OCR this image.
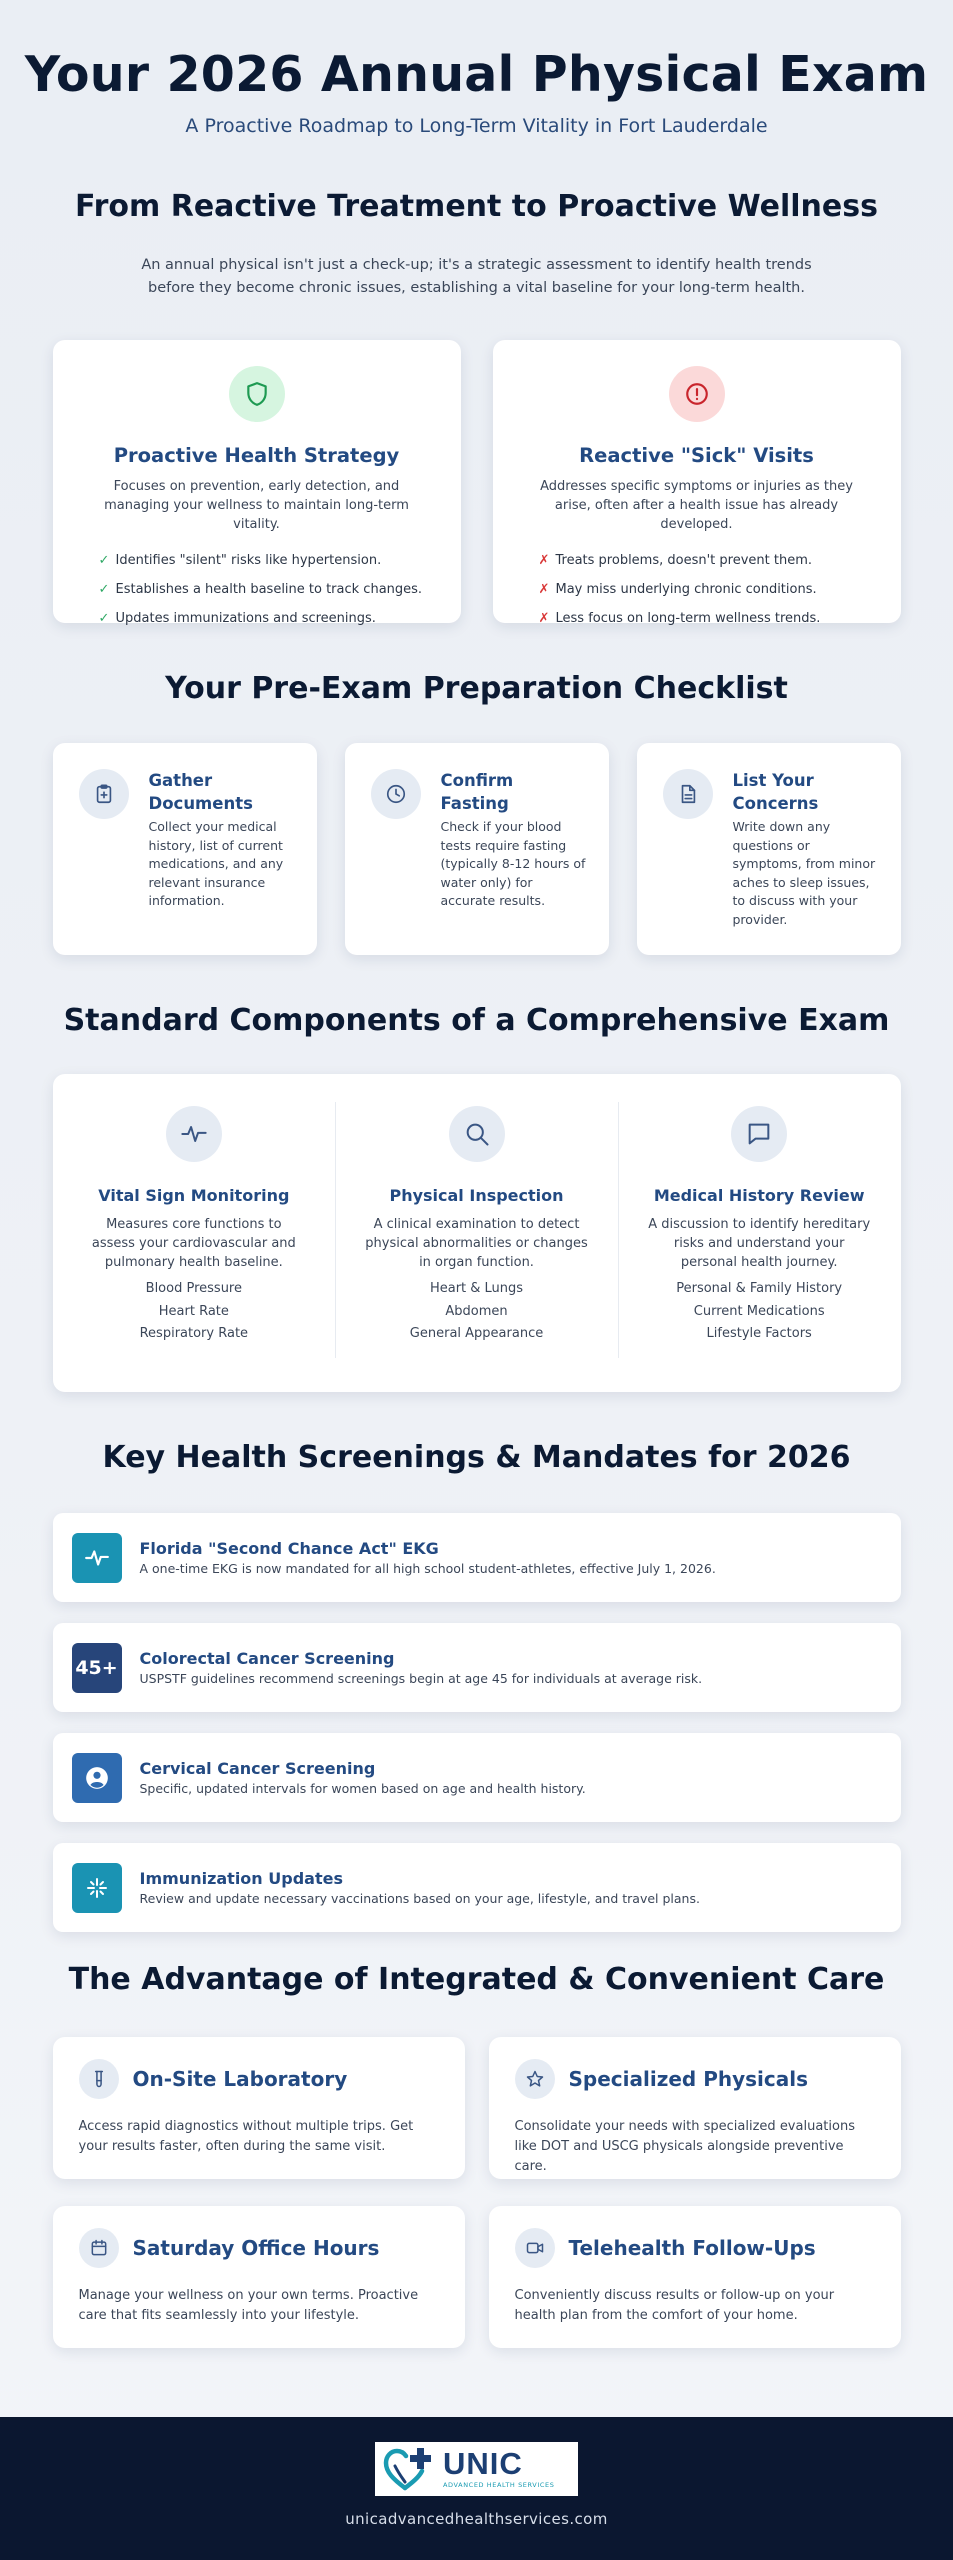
Your 2026 Annual Physical Exam
A Proactive Roadmap to Long-Term Vitality in Fort Lauderdale
From Reactive Treatment to Proactive Wellness

An annual physical isn't just a check-up; it's a strategic assessment to identify health trends before they become chronic issues, establishing a vital baseline for your long-term health.

Proactive Health Strategy

Focuses on prevention, early detection, and managing your wellness to maintain long-term vitality.

✓ Identifies "silent" risks like hypertension.
✓ Establishes a health baseline to track changes.
✓ Updates immunizations and screenings.
Reactive "Sick" Visits

Addresses specific symptoms or injuries as they arise, often after a health issue has already developed.

✗ Treats problems, doesn't prevent them.
✗ May miss underlying chronic conditions.
✗ Less focus on long-term wellness trends.
Your Pre-Exam Preparation Checklist
Gather Documents

Collect your medical history, list of current medications, and any relevant insurance information.

Confirm Fasting

Check if your blood tests require fasting (typically 8-12 hours of water only) for accurate results.

List Your Concerns

Write down any questions or symptoms, from minor aches to sleep issues, to discuss with your provider.

Standard Components of a Comprehensive Exam
Vital Sign Monitoring

Measures core functions to assess your cardiovascular and pulmonary health baseline.

Blood Pressure
Heart Rate
Respiratory Rate
Physical Inspection

A clinical examination to detect physical abnormalities or changes in organ function.

Heart & Lungs
Abdomen
General Appearance
Medical History Review

A discussion to identify hereditary risks and understand your personal health journey.

Personal & Family History
Current Medications
Lifestyle Factors
Key Health Screenings & Mandates for 2026
Florida "Second Chance Act" EKG

A one-time EKG is now mandated for all high school student-athletes, effective July 1, 2026.

45+ Colorectal Cancer Screening

USPSTF guidelines recommend screenings begin at age 45 for individuals at average risk.

Cervical Cancer Screening

Specific, updated intervals for women based on age and health history.

Immunization Updates

Review and update necessary vaccinations based on your age, lifestyle, and travel plans.

The Advantage of Integrated & Convenient Care
On-Site Laboratory

Access rapid diagnostics without multiple trips. Get your results faster, often during the same visit.

Specialized Physicals

Consolidate your needs with specialized evaluations like DOT and USCG physicals alongside preventive care.

Saturday Office Hours

Manage your wellness on your own terms. Proactive care that fits seamlessly into your lifestyle.

Telehealth Follow-Ups

Conveniently discuss results or follow-up on your health plan from the comfort of your home.

UNIC
ADVANCED HEALTH SERVICES
unicadvancedhealthservices.com
